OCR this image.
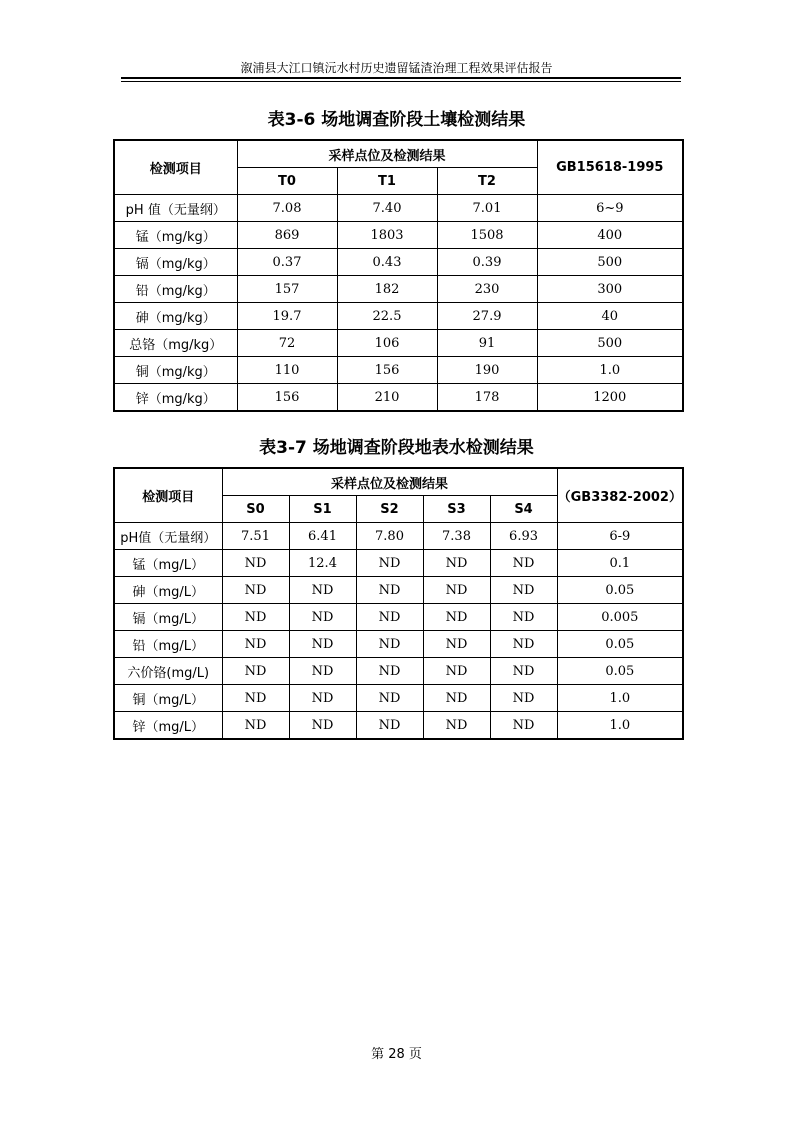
溆浦县大江口镇沅水村历史遗留锰渣治理工程效果评估报告
表3-6 场地调查阶段土壤检测结果
检测项目	采样点位及检测结果			GB15618-1995
	T0	T1	T2	
pH 值（无量纲）	7.08	7.40	7.01	6~9
锰（mg/kg）	869	1803	1508	400
镉（mg/kg）	0.37	0.43	0.39	500
铅（mg/kg）	157	182	230	300
砷（mg/kg）	19.7	22.5	27.9	40
总铬（mg/kg）	72	106	91	500
铜（mg/kg）	110	156	190	1.0
锌（mg/kg）	156	210	178	1200
表3-7 场地调查阶段地表水检测结果
检测项目	采样点位及检测结果					（GB3382-2002）
	S0	S1	S2	S3	S4	
pH值（无量纲）	7.51	6.41	7.80	7.38	6.93	6-9
锰（mg/L）	ND	12.4	ND	ND	ND	0.1
砷（mg/L）	ND	ND	ND	ND	ND	0.05
镉（mg/L）	ND	ND	ND	ND	ND	0.005
铅（mg/L）	ND	ND	ND	ND	ND	0.05
六价铬(mg/L)	ND	ND	ND	ND	ND	0.05
铜（mg/L）	ND	ND	ND	ND	ND	1.0
锌（mg/L）	ND	ND	ND	ND	ND	1.0
第 28 页
